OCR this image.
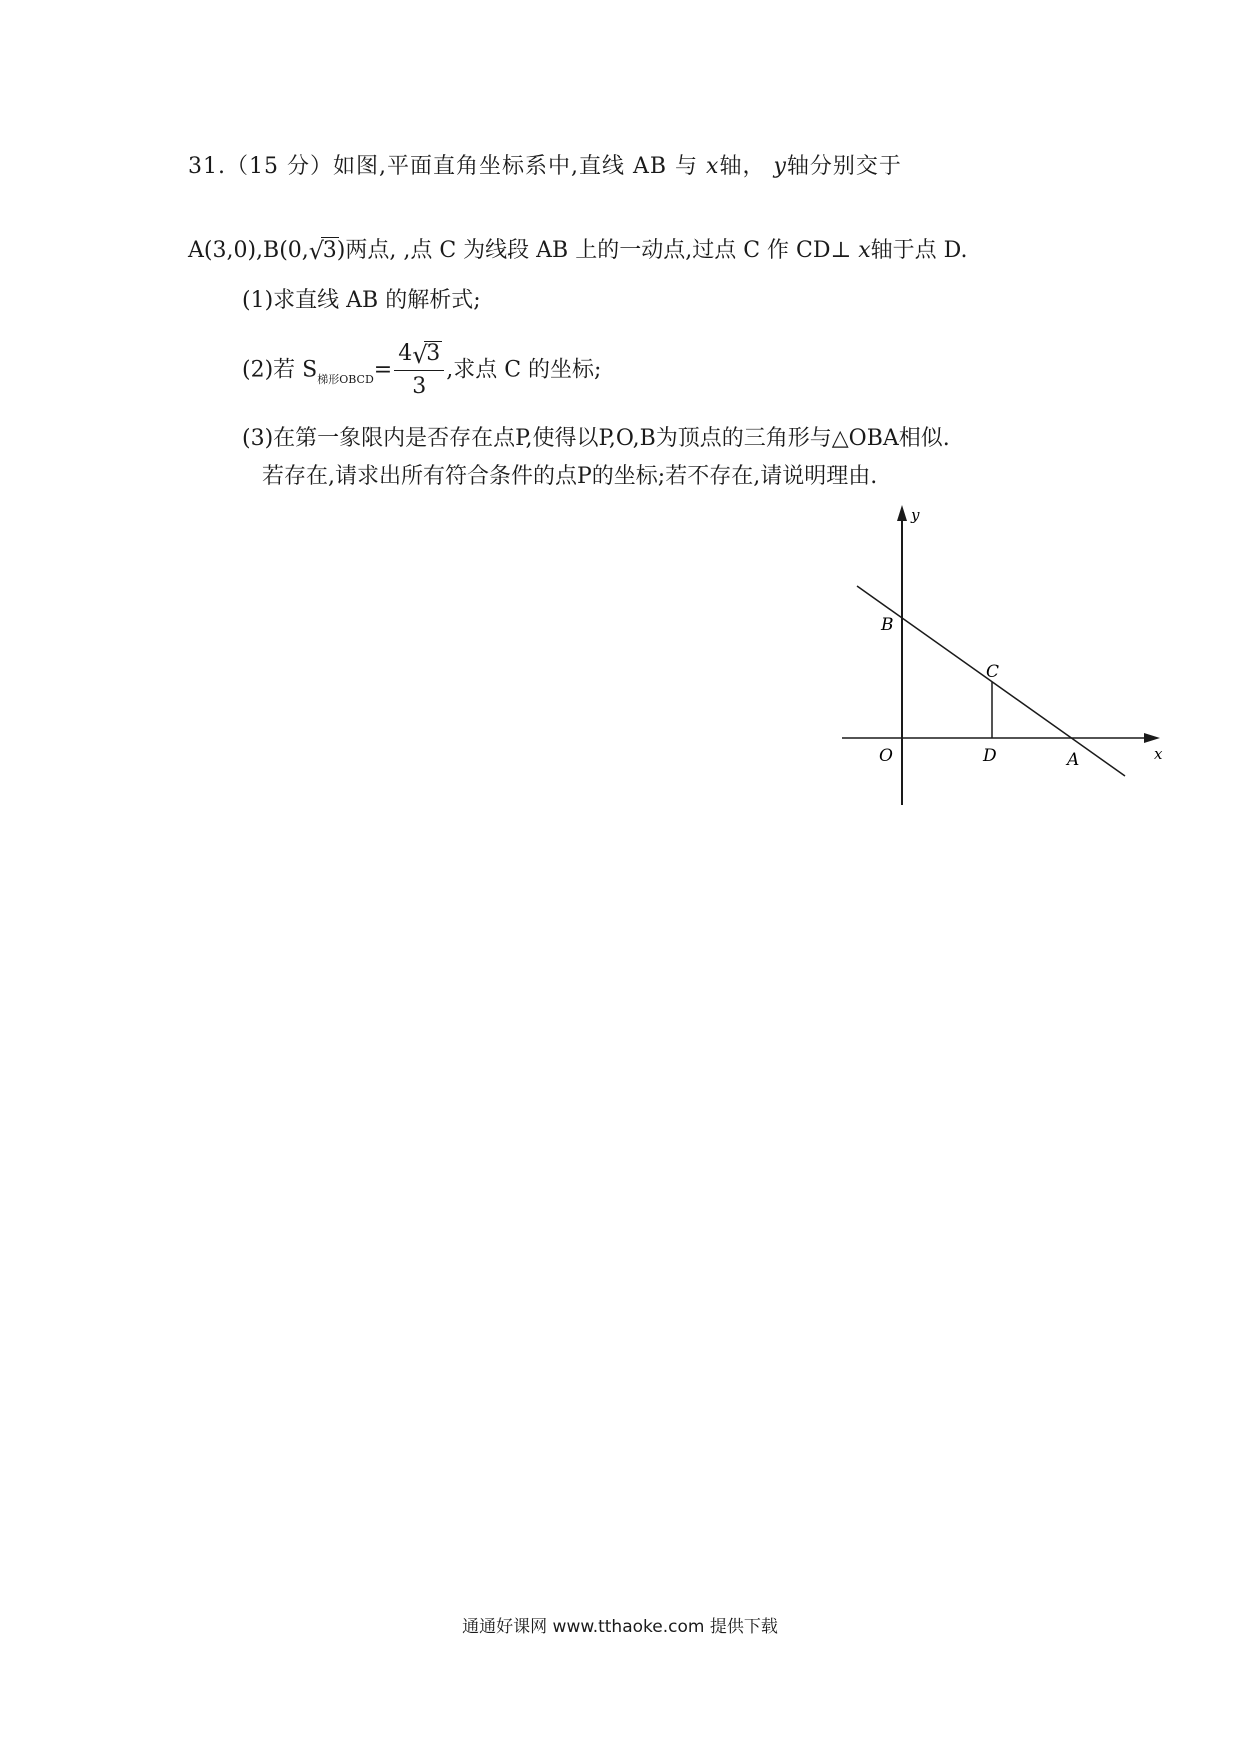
31.（15 分）如图,平面直角坐标系中,直线 AB 与 x轴， y轴分别交于
A(3,0),B(0, √
3)两点, ,点 C 为线段 AB 上的一动点,过点 C 作 CD⊥ x轴于点 D.
(1)求直线 AB 的解析式;
(2)若 $S_{梯形OBCD}= 4$ √
3
3 ,求点 C 的坐标;
(3)在第一象限内是否存在点P,使得以P,O,B为顶点的三角形与△OBA相似.
若存在,请求出所有符合条件的点P的坐标;若不存在,请说明理由.
y
x
B
C
O	D	A
通通好课网 www.tthaoke.com 提供下载
